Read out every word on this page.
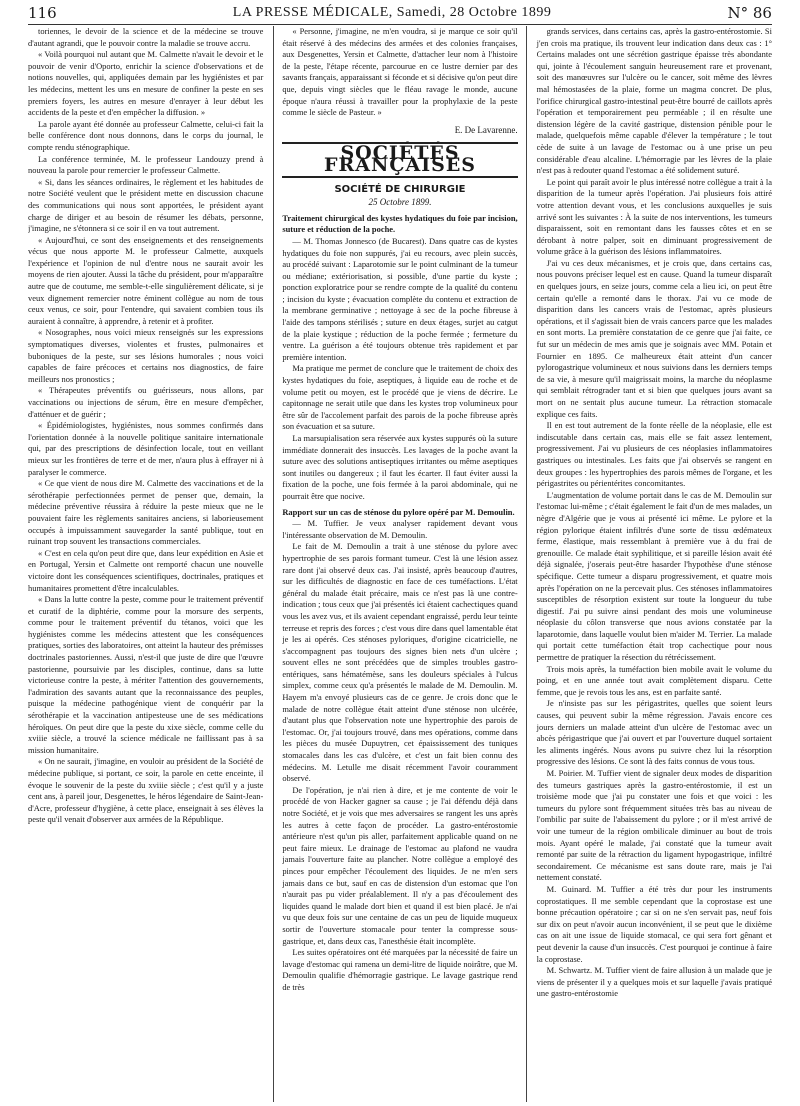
116	LA PRESSE MÉDICALE, Samedi, 28 Octobre 1899	N° 86

toriennes, le devoir de la science et de la médecine se trouve d'autant agrandi, que le pouvoir contre la maladie se trouve accru.

« Voilà pourquoi nul autant que M. Calmette n'avait le devoir et le pouvoir de venir d'Oporto, enrichir la science d'observations et de notions nouvelles, qui, appliquées demain par les hygiénistes et par les médecins, mettent les uns en mesure de confiner la peste en ses premiers foyers, les autres en mesure d'enrayer à leur début les accidents de la peste et d'en empêcher la diffusion. »

La parole ayant été donnée au professeur Calmette, celui-ci fait la belle conférence dont nous donnons, dans le corps du journal, le compte rendu sténographique.

La conférence terminée, M. le professeur Landouzy prend à nouveau la parole pour remercier le professeur Calmette.

« Si, dans les séances ordinaires, le règlement et les habitudes de notre Société veulent que le président mette en discussion chacune des communications qui nous sont apportées, le président ayant charge de diriger et au besoin de résumer les débats, personne, j'imagine, ne s'étonnera si ce soir il en va tout autrement.

« Aujourd'hui, ce sont des enseignements et des renseignements vécus que nous apporte M. le professeur Calmette, auxquels l'expérience et l'opinion de nul d'entre nous ne saurait avoir les moyens de rien ajouter. Aussi la tâche du président, pour m'apparaître autre que de coutume, me semble-t-elle singulièrement délicate, si je veux dignement remercier notre éminent collègue au nom de tous ceux venus, ce soir, pour l'entendre, qui savaient combien tous ils auraient à connaître, à apprendre, à retenir et à profiter.

« Nosographes, nous voici mieux renseignés sur les expressions symptomatiques diverses, violentes et frustes, pulmonaires et buboniques de la peste, sur ses lésions humorales ; nous voici capables de faire précoces et certains nos diagnostics, de faire meilleurs nos pronostics ;

« Thérapeutes préventifs ou guérisseurs, nous allons, par vaccinations ou injections de sérum, être en mesure d'empêcher, d'atténuer et de guérir ;

« Épidémiologistes, hygiénistes, nous sommes confirmés dans l'orientation donnée à la nouvelle politique sanitaire internationale qui, par des prescriptions de désinfection locale, tout en veillant mieux sur les frontières de terre et de mer, n'aura plus à effrayer ni à paralyser le commerce.

« Ce que vient de nous dire M. Calmette des vaccinations et de la sérothérapie perfectionnées permet de penser que, demain, la médecine préventive réussira à réduire la peste mieux que ne le pouvaient faire les règlements sanitaires anciens, si laborieusement occupés à impuissamment sauvegarder la santé publique, tout en ruinant trop souvent les transactions commerciales.

« C'est en cela qu'on peut dire que, dans leur expédition en Asie et en Portugal, Yersin et Calmette ont remporté chacun une nouvelle victoire dont les conséquences scientifiques, doctrinales, pratiques et humanitaires promettent d'être incalculables.

« Dans la lutte contre la peste, comme pour le traitement préventif et curatif de la diphtérie, comme pour la morsure des serpents, comme pour le traitement préventif du tétanos, voici que les hygiénistes comme les médecins attestent que les conséquences pratiques, sorties des laboratoires, ont atteint la hauteur des prémisses doctrinales pastoriennes. Aussi, n'est-il que juste de dire que l'œuvre pastorienne, poursuivie par les disciples, continue, dans sa lutte victorieuse contre la peste, à mériter l'attention des gouvernements, l'admiration des savants autant que la reconnaissance des peuples, puisque la médecine pathogénique vient de conquérir par la sérothérapie et la vaccination antipesteuse une de ses médications héroïques. On peut dire que la peste du xixe siècle, comme celle du xviiie siècle, a trouvé la science médicale ne faillissant pas à sa mission humanitaire.

« On ne saurait, j'imagine, en vouloir au président de la Société de médecine publique, si portant, ce soir, la parole en cette enceinte, il évoque le souvenir de la peste du xviiie siècle ; c'est qu'il y a juste cent ans, à pareil jour, Desgenettes, le héros légendaire de Saint-Jean-d'Acre, professeur d'hygiène, à cette place, enseignait à ses élèves la peste qu'il venait d'observer aux armées de la République.

« Personne, j'imagine, ne m'en voudra, si je marque ce soir qu'il était réservé à des médecins des armées et des colonies françaises, aux Desgenettes, Yersin et Calmette, d'attacher leur nom à l'histoire de la peste, l'étape récente, parcourue en ce lustre dernier par des savants français, apparaissant si féconde et si décisive qu'on peut dire que, depuis vingt siècles que le fléau ravage le monde, aucune époque n'aura réussi à travailler pour la prophylaxie de la peste comme le siècle de Pasteur. »

E. De Lavarenne.
SOCIÉTÉS FRANÇAISES
SOCIÉTÉ DE CHIRURGIE
25 Octobre 1899.

Traitement chirurgical des kystes hydatiques du foie par incision, suture et réduction de la poche.

— M. Thomas Jonnesco (de Bucarest). Dans quatre cas de kystes hydatiques du foie non suppurés, j'ai eu recours, avec plein succès, au procédé suivant : Laparotomie sur le point culminant de la tumeur ou médiane; extériorisation, si possible, d'une partie du kyste ; ponction exploratrice pour se rendre compte de la qualité du contenu ; incision du kyste ; évacuation complète du contenu et extraction de la membrane germinative ; nettoyage à sec de la poche fibreuse à l'aide des tampons stérilisés ; suture en deux étages, surjet au catgut de la plaie kystique ; réduction de la poche fermée ; fermeture du ventre. La guérison a été toujours obtenue très rapidement et par première intention.

Ma pratique me permet de conclure que le traitement de choix des kystes hydatiques du foie, aseptiques, à liquide eau de roche et de volume petit ou moyen, est le procédé que je viens de décrire. Le capitonnage ne serait utile que dans les kystes trop volumineux pour être sûr de l'accolement parfait des parois de la poche fibreuse après son évacuation et sa suture.

La marsupialisation sera réservée aux kystes suppurés où la suture immédiate donnerait des insuccès. Les lavages de la poche avant la suture avec des solutions antiseptiques irritantes ou même aseptiques sont inutiles ou dangereux ; il faut les écarter. Il faut éviter aussi la fixation de la poche, une fois fermée à la paroi abdominale, qui ne pourrait être que nocive.

Rapport sur un cas de sténose du pylore opéré par M. Demoulin.

— M. Tuffier. Je veux analyser rapidement devant vous l'intéressante observation de M. Demoulin.

Le fait de M. Demoulin a trait à une sténose du pylore avec hypertrophie de ses parois formant tumeur. C'est là une lésion assez rare dont j'ai observé deux cas. J'ai insisté, après beaucoup d'autres, sur les difficultés de diagnostic en face de ces tuméfactions. L'état général du malade était précaire, mais ce n'est pas là une contre-indication ; tous ceux que j'ai présentés ici étaient cachectiques quand vous les avez vus, et ils avaient cependant engraissé, perdu leur teinte terreuse et repris des forces ; c'est vous dire dans quel lamentable état je les ai opérés. Ces sténoses pyloriques, d'origine cicatricielle, ne s'accompagnent pas toujours des signes bien nets d'un ulcère ; souvent elles ne sont précédées que de simples troubles gastro-entériques, sans hématémèse, sans les douleurs spéciales à l'ulcus simplex, comme ceux qu'a présentés le malade de M. Demoulin. M. Hayem m'a envoyé plusieurs cas de ce genre. Je crois donc que le malade de notre collègue était atteint d'une sténose non ulcérée, d'autant plus que l'observation note une hypertrophie des parois de l'estomac. Or, j'ai toujours trouvé, dans mes opérations, comme dans les pièces du musée Dupuytren, cet épaississement des tuniques stomacales dans les cas d'ulcère, et c'est un fait bien connu des médecins. M. Letulle me disait récemment l'avoir couramment observé.

De l'opération, je n'ai rien à dire, et je me contente de voir le procédé de von Hacker gagner sa cause ; je l'ai défendu déjà dans notre Société, et je vois que mes adversaires se rangent les uns après les autres à cette façon de procéder. La gastro-entérostomie antérieure n'est qu'un pis aller, parfaitement applicable quand on ne peut faire mieux. Le drainage de l'estomac au plafond ne vaudra jamais l'ouverture faite au plancher. Notre collègue a employé des pinces pour empêcher l'écoulement des liquides. Je ne m'en sers jamais dans ce but, sauf en cas de distension d'un estomac que l'on n'aurait pas pu vider préalablement. Il n'y a pas d'écoulement des liquides quand le malade dort bien et quand il est bien placé. Je n'ai vu que deux fois sur une centaine de cas un peu de liquide muqueux sortir de l'ouverture stomacale pour tenter la compresse sous-gastrique, et, dans deux cas, l'anesthésie était incomplète.

Les suites opératoires ont été marquées par la nécessité de faire un lavage d'estomac qui ramena un demi-litre de liquide noirâtre, que M. Demoulin qualifie d'hémorragie gastrique. Le lavage gastrique rend de très

grands services, dans certains cas, après la gastro-entérostomie. Si j'en crois ma pratique, ils trouvent leur indication dans deux cas : 1° Certains malades ont une sécrétion gastrique épaisse très abondante qui, jointe à l'écoulement sanguin heureusement rare et provenant, soit des manœuvres sur l'ulcère ou le cancer, soit même des lèvres mal hémostasées de la plaie, forme un magma concret. De plus, l'orifice chirurgical gastro-intestinal peut-être bourré de caillots après l'opération et temporairement peu perméable ; il en résulte une distension légère de la cavité gastrique, distension pénible pour le malade, quelquefois même capable d'élever la température ; le tout cède de suite à un lavage de l'estomac ou à une prise un peu considérable d'eau alcaline. L'hémorragie par les lèvres de la plaie n'est pas à redouter quand l'estomac a été solidement suturé.

Le point qui paraît avoir le plus intéressé notre collègue a trait à la disparition de la tumeur après l'opération. J'ai plusieurs fois attiré votre attention devant vous, et les conclusions auxquelles je suis arrivé sont les suivantes : À la suite de nos interventions, les tumeurs disparaissent, soit en remontant dans les fausses côtes et en se dérobant à notre palper, soit en diminuant progressivement de volume grâce à la guérison des lésions inflammatoires.

J'ai vu ces deux mécanismes, et je crois que, dans certains cas, nous pouvons préciser lequel est en cause. Quand la tumeur disparaît en quelques jours, en seize jours, comme cela a lieu ici, on peut être certain qu'elle a remonté dans le thorax. J'ai vu ce mode de disparition dans les cancers vrais de l'estomac, après plusieurs opérations, et il s'agissait bien de vrais cancers parce que les malades en sont morts. La première constatation de ce genre que j'ai faite, ce fut sur un médecin de mes amis que je soignais avec MM. Potain et Fournier en 1895. Ce malheureux était atteint d'un cancer pylorogastrique volumineux et nous suivions dans les derniers temps de sa vie, à mesure qu'il maigrissait moins, la marche du néoplasme qui semblait rétrograder tant et si bien que quelques jours avant sa mort on ne sentait plus aucune tumeur. La rétraction stomacale explique ces faits.

Il en est tout autrement de la fonte réelle de la néoplasie, elle est indiscutable dans certain cas, mais elle se fait assez lentement, progressivement. J'ai vu plusieurs de ces néoplasies inflammatoires gastriques ou intestinales. Les faits que j'ai observés se rangent en deux groupes : les hypertrophies des parois mêmes de l'organe, et les périgastrites ou périentérites concomitantes.

L'augmentation de volume portait dans le cas de M. Demoulin sur l'estomac lui-même ; c'était également le fait d'un de mes malades, un nègre d'Algérie que je vous ai présenté ici même. Le pylore et la région pylorique étaient infiltrés d'une sorte de tissu œdémateux ferme, élastique, mais ressemblant à première vue à du frai de grenouille. Ce malade était syphilitique, et si pareille lésion avait été déjà signalée, j'oserais peut-être hasarder l'hypothèse d'une sténose spécifique. Cette tumeur a disparu progressivement, et quatre mois après l'opération on ne la percevait plus. Ces sténoses inflammatoires susceptibles de résorption existent sur toute la longueur du tube digestif. J'ai pu suivre ainsi pendant des mois une volumineuse néoplasie du côlon transverse que nous avions constatée par la laparotomie, dans laquelle voulut bien m'aider M. Terrier. La malade qui portait cette tuméfaction était trop cachectique pour nous permettre de pratiquer la résection du rétrécissement.

Trois mois après, la tuméfaction bien mobile avait le volume du poing, et en une année tout avait complètement disparu. Cette femme, que je revois tous les ans, est en parfaite santé.

Je n'insiste pas sur les périgastrites, quelles que soient leurs causes, qui peuvent subir la même régression. J'avais encore ces jours derniers un malade atteint d'un ulcère de l'estomac avec un abcès périgastrique que j'ai ouvert et par l'ouverture duquel sortaient les aliments ingérés. Nous avons pu suivre chez lui la résorption progressive des lésions. Ce sont là des faits connus de vous tous.

M. Poirier. M. Tuffier vient de signaler deux modes de disparition des tumeurs gastriques après la gastro-entérostomie, il est un troisième mode que j'ai pu constater une fois et que voici : les tumeurs du pylore sont fréquemment situées très bas au niveau de l'ombilic par suite de l'abaissement du pylore ; or il m'est arrivé de voir une tumeur de la région ombilicale diminuer au bout de trois mois. Ayant opéré le malade, j'ai constaté que la tumeur avait remonté par suite de la rétraction du ligament hypogastrique, infiltré secondairement. Ce mécanisme est sans doute rare, mais je l'ai nettement constaté.

M. Guinard. M. Tuffier a été très dur pour les instruments coprostatiques. Il me semble cependant que la coprostase est une bonne précaution opératoire ; car si on ne s'en servait pas, neuf fois sur dix on peut n'avoir aucun inconvénient, il se peut que le dixième cas on ait une issue de liquide stomacal, ce qui sera fort gênant et peut devenir la cause d'un insuccès. C'est pourquoi je continue à faire la coprostase.

M. Schwartz. M. Tuffier vient de faire allusion à un malade que je viens de présenter il y a quelques mois et sur laquelle j'avais pratiqué une gastro-entérostomie
